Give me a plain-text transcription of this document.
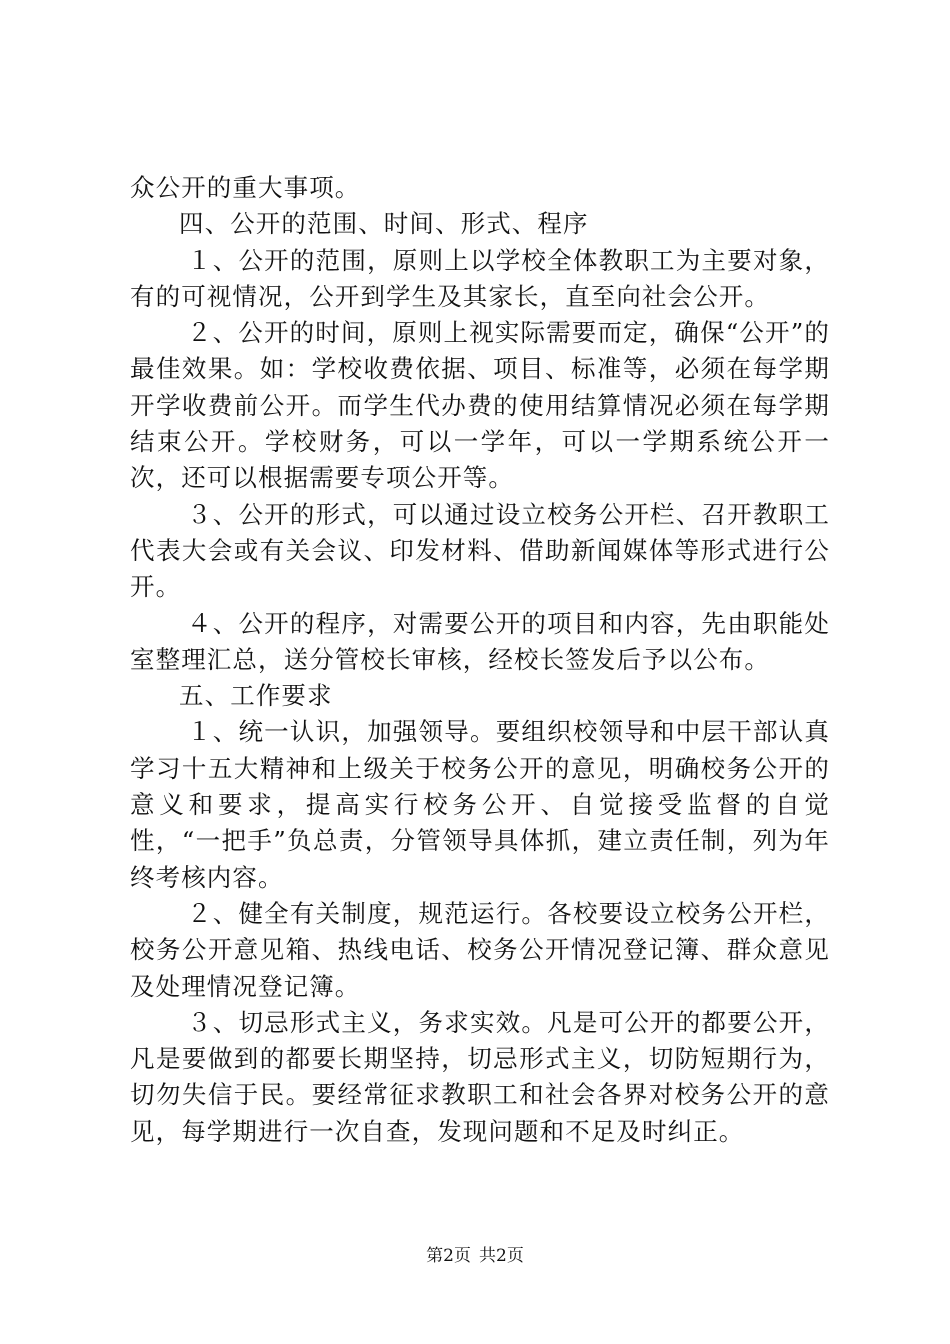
众公开的重大事项。

四、公开的范围、时间、形式、程序

１、公开的范围，原则上以学校全体教职工为主要对象，有的可视情况，公开到学生及其家长，直至向社会公开。

２、公开的时间，原则上视实际需要而定，确保“公开”的最佳效果。如：学校收费依据、项目、标准等，必须在每学期开学收费前公开。而学生代办费的使用结算情况必须在每学期结束公开。学校财务，可以一学年，可以一学期系统公开一次，还可以根据需要专项公开等。

３、公开的形式，可以通过设立校务公开栏、召开教职工代表大会或有关会议、印发材料、借助新闻媒体等形式进行公开。

４、公开的程序，对需要公开的项目和内容，先由职能处室整理汇总，送分管校长审核，经校长签发后予以公布。

五、工作要求

１、统一认识，加强领导。要组织校领导和中层干部认真学习十五大精神和上级关于校务公开的意见，明确校务公开的意义和要求，提高实行校务公开、自觉接受监督的自觉性，“一把手”负总责，分管领导具体抓，建立责任制，列为年终考核内容。

２、健全有关制度，规范运行。各校要设立校务公开栏，校务公开意见箱、热线电话、校务公开情况登记簿、群众意见及处理情况登记簿。

３、切忌形式主义，务求实效。凡是可公开的都要公开，凡是要做到的都要长期坚持，切忌形式主义，切防短期行为，切勿失信于民。要经常征求教职工和社会各界对校务公开的意见，每学期进行一次自查，发现问题和不足及时纠正。

第2页 共2页
